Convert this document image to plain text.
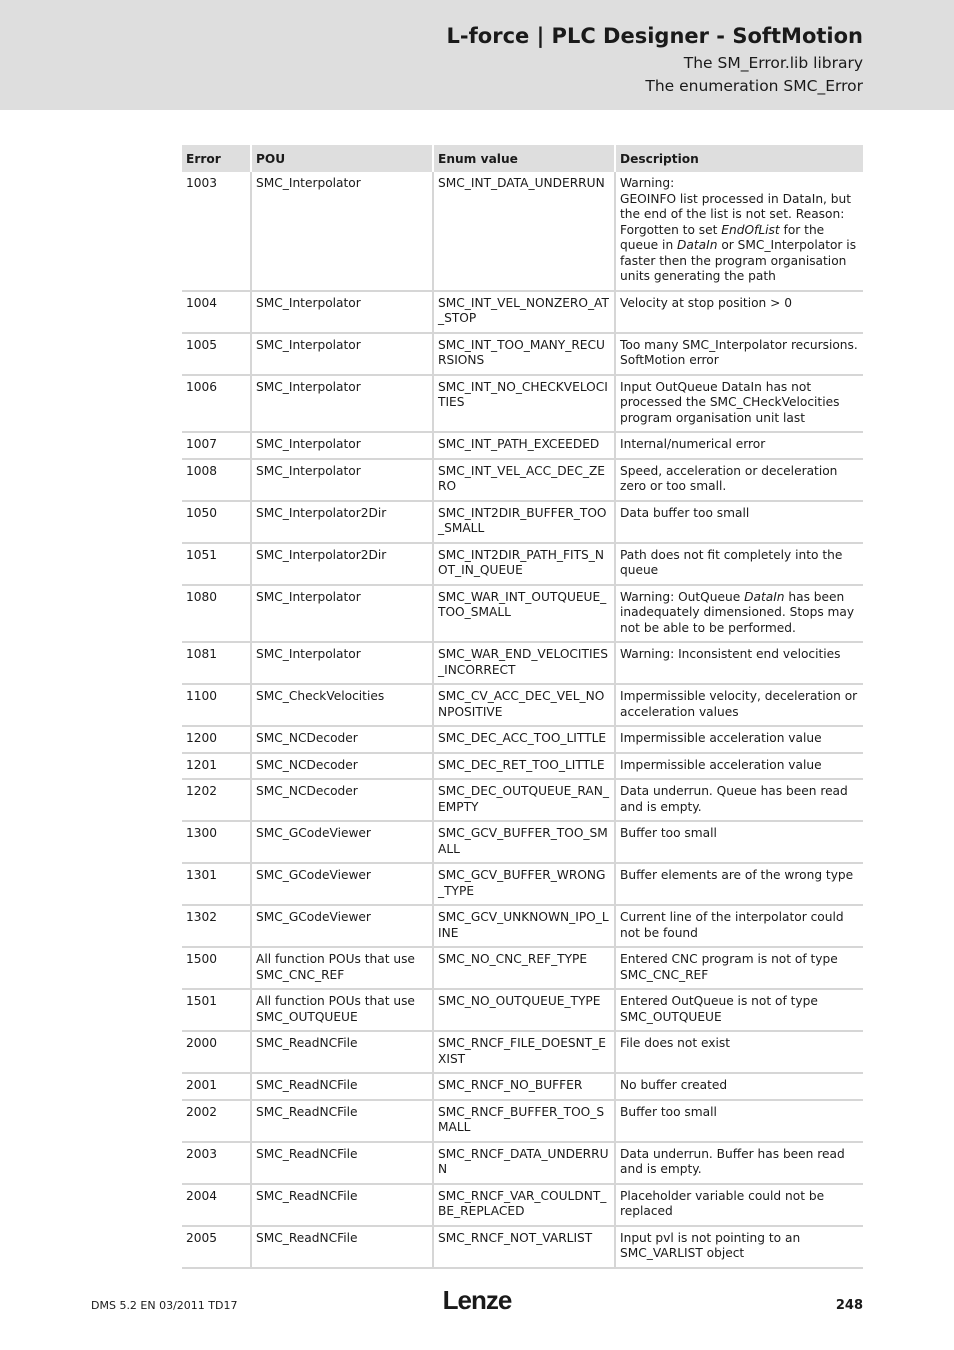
L-force | PLC Designer - SoftMotion
The SM_Error.lib library
The enumeration SMC_Error
Error	POU	Enum value	Description
1003	SMC_Interpolator	SMC_INT_DATA_UNDERRUN	Warning:
GEOINFO list processed in DataIn, but the end of the list is not set. Reason: Forgotten to set EndOfList for the queue in DataIn or SMC_Interpolator is faster then the program organisation units generating the path
1004	SMC_Interpolator	SMC_INT_VEL_NONZERO_AT_STOP	Velocity at stop position > 0
1005	SMC_Interpolator	SMC_INT_TOO_MANY_RECURSIONS	Too many SMC_Interpolator recursions. SoftMotion error
1006	SMC_Interpolator	SMC_INT_NO_CHECKVELOCITIES	Input OutQueue DataIn has not processed the SMC_CHeckVelocities program organisation unit last
1007	SMC_Interpolator	SMC_INT_PATH_EXCEEDED	Internal/numerical error
1008	SMC_Interpolator	SMC_INT_VEL_ACC_DEC_ZERO	Speed, acceleration or deceleration zero or too small.
1050	SMC_Interpolator2Dir	SMC_INT2DIR_BUFFER_TOO_SMALL	Data buffer too small
1051	SMC_Interpolator2Dir	SMC_INT2DIR_PATH_FITS_NOT_IN_QUEUE	Path does not fit completely into the queue
1080	SMC_Interpolator	SMC_WAR_INT_OUTQUEUE_TOO_SMALL	Warning: OutQueue DataIn has been inadequately dimensioned. Stops may not be able to be performed.
1081	SMC_Interpolator	SMC_WAR_END_VELOCITIES_INCORRECT	Warning: Inconsistent end velocities
1100	SMC_CheckVelocities	SMC_CV_ACC_DEC_VEL_NONPOSITIVE	Impermissible velocity, deceleration or acceleration values
1200	SMC_NCDecoder	SMC_DEC_ACC_TOO_LITTLE	Impermissible acceleration value
1201	SMC_NCDecoder	SMC_DEC_RET_TOO_LITTLE	Impermissible acceleration value
1202	SMC_NCDecoder	SMC_DEC_OUTQUEUE_RAN_EMPTY	Data underrun. Queue has been read and is empty.
1300	SMC_GCodeViewer	SMC_GCV_BUFFER_TOO_SMALL	Buffer too small
1301	SMC_GCodeViewer	SMC_GCV_BUFFER_WRONG_TYPE	Buffer elements are of the wrong type
1302	SMC_GCodeViewer	SMC_GCV_UNKNOWN_IPO_LINE	Current line of the interpolator could not be found
1500	All function POUs that use SMC_CNC_REF	SMC_NO_CNC_REF_TYPE	Entered CNC program is not of type SMC_CNC_REF
1501	All function POUs that use SMC_OUTQUEUE	SMC_NO_OUTQUEUE_TYPE	Entered OutQueue is not of type SMC_OUTQUEUE
2000	SMC_ReadNCFile	SMC_RNCF_FILE_DOESNT_EXIST	File does not exist
2001	SMC_ReadNCFile	SMC_RNCF_NO_BUFFER	No buffer created
2002	SMC_ReadNCFile	SMC_RNCF_BUFFER_TOO_SMALL	Buffer too small
2003	SMC_ReadNCFile	SMC_RNCF_DATA_UNDERRUN	Data underrun. Buffer has been read and is empty.
2004	SMC_ReadNCFile	SMC_RNCF_VAR_COULDNT_BE_REPLACED	Placeholder variable could not be replaced
2005	SMC_ReadNCFile	SMC_RNCF_NOT_VARLIST	Input pvl is not pointing to an SMC_VARLIST object
DMS 5.2 EN 03/2011 TD17	Lenze	248
